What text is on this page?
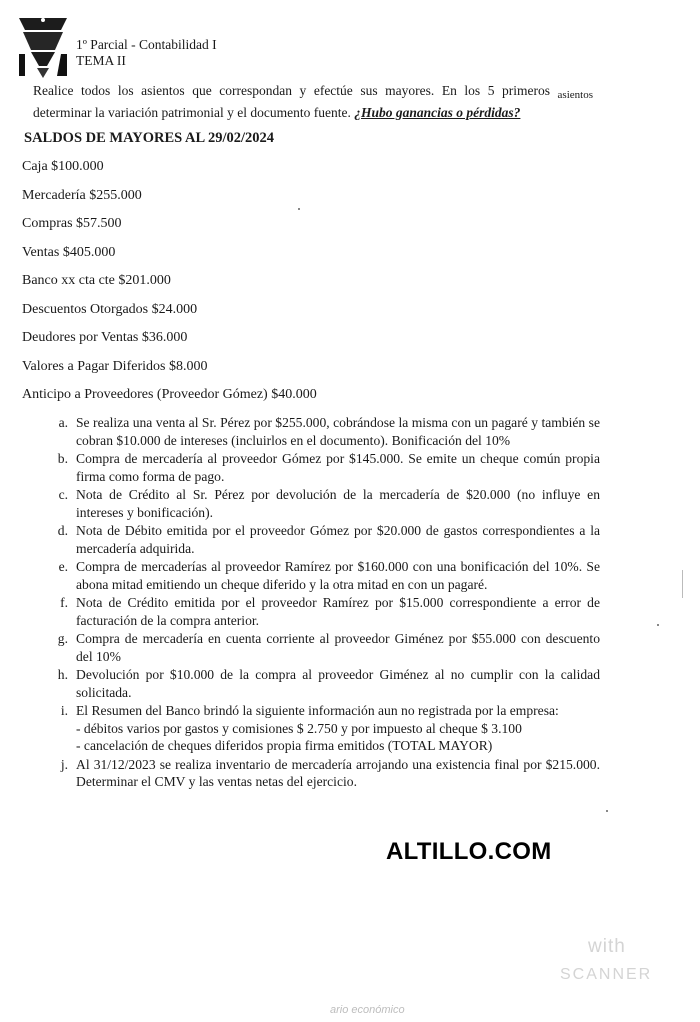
1º Parcial - Contabilidad I
TEMA II
Realice todos los asientos que correspondan y efectúe sus mayores. En los 5 primeros $_{asientos}$ determinar la variación patrimonial y el documento fuente. ¿Hubo ganancias o pérdidas?
SALDOS DE MAYORES AL 29/02/2024
Caja $100.000
Mercadería $255.000
Compras $57.500
Ventas $405.000
Banco xx cta cte $201.000
Descuentos Otorgados $24.000
Deudores por Ventas $36.000
Valores a Pagar Diferidos $8.000
Anticipo a Proveedores (Proveedor Gómez) $40.000
a. Se realiza una venta al Sr. Pérez por $255.000, cobrándose la misma con un pagaré y también se cobran $10.000 de intereses (incluirlos en el documento). Bonificación del 10%
b. Compra de mercadería al proveedor Gómez por $145.000. Se emite un cheque común propia firma como forma de pago.
c. Nota de Crédito al Sr. Pérez por devolución de la mercadería de $20.000 (no influye en intereses y bonificación).
d. Nota de Débito emitida por el proveedor Gómez por $20.000 de gastos correspondientes a la mercadería adquirida.
e. Compra de mercaderías al proveedor Ramírez por $160.000 con una bonificación del 10%. Se abona mitad emitiendo un cheque diferido y la otra mitad en con un pagaré.
f. Nota de Crédito emitida por el proveedor Ramírez por $15.000 correspondiente a error de facturación de la compra anterior.
g. Compra de mercadería en cuenta corriente al proveedor Giménez por $55.000 con descuento del 10%
h. Devolución por $10.000 de la compra al proveedor Giménez al no cumplir con la calidad solicitada.
i. El Resumen del Banco brindó la siguiente información aun no registrada por la empresa:
- débitos varios por gastos y comisiones $ 2.750 y por impuesto al cheque $ 3.100
- cancelación de cheques diferidos propia firma emitidos (TOTAL MAYOR)
j. Al 31/12/2023 se realiza inventario de mercadería arrojando una existencia final por $215.000. Determinar el CMV y las ventas netas del ejercicio.
ALTILLO.COM
with
SCANNER
ario económico
